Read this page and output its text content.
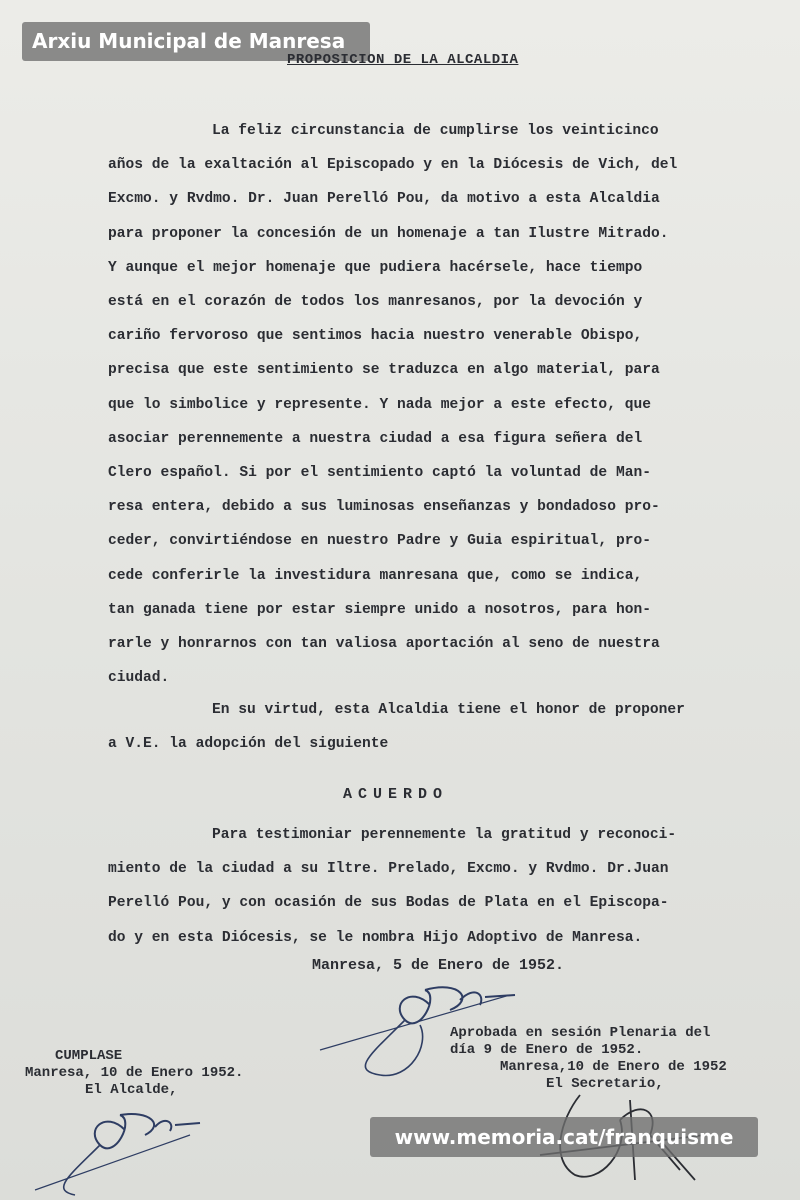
Arxiu Municipal de Manresa
PROPOSICION DE LA ALCALDIA
La feliz circunstancia de cumplirse los veinticinco
años de la exaltación al Episcopado y en la Diócesis de Vich, del
Excmo. y Rvdmo. Dr. Juan Perelló Pou, da motivo a esta Alcaldia
para proponer la concesión de un homenaje a tan Ilustre Mitrado.
Y aunque el mejor homenaje que pudiera hacérsele, hace tiempo
está en el corazón de todos los manresanos, por la devoción y
cariño fervoroso que sentimos hacia nuestro venerable Obispo,
precisa que este sentimiento se traduzca en algo material, para
que lo simbolice y represente. Y nada mejor a este efecto, que
asociar perennemente a nuestra ciudad a esa figura señera del
Clero español. Si por el sentimiento captó la voluntad de Man-
resa entera, debido a sus luminosas enseñanzas y bondadoso pro-
ceder, convirtiéndose en nuestro Padre y Guia espiritual, pro-
cede conferirle la investidura manresana que, como se indica,
tan ganada tiene por estar siempre unido a nosotros, para hon-
rarle y honrarnos con tan valiosa aportación al seno de nuestra
ciudad.
En su virtud, esta Alcaldia tiene el honor de proponer
a V.E. la adopción del siguiente
ACUERDO
Para testimoniar perennemente la gratitud y reconoci-
miento de la ciudad a su Iltre. Prelado, Excmo. y Rvdmo. Dr.Juan
Perelló Pou, y con ocasión de sus Bodas de Plata en el Episcopa-
do y en esta Diócesis, se le nombra Hijo Adoptivo de Manresa.
Manresa, 5 de Enero de 1952.
Aprobada en sesión Plenaria del
día 9 de Enero de 1952.
Manresa,10 de Enero de 1952
El Secretario,
CUMPLASE
Manresa, 10 de Enero 1952.
El Alcalde,
www.memoria.cat/franquisme
